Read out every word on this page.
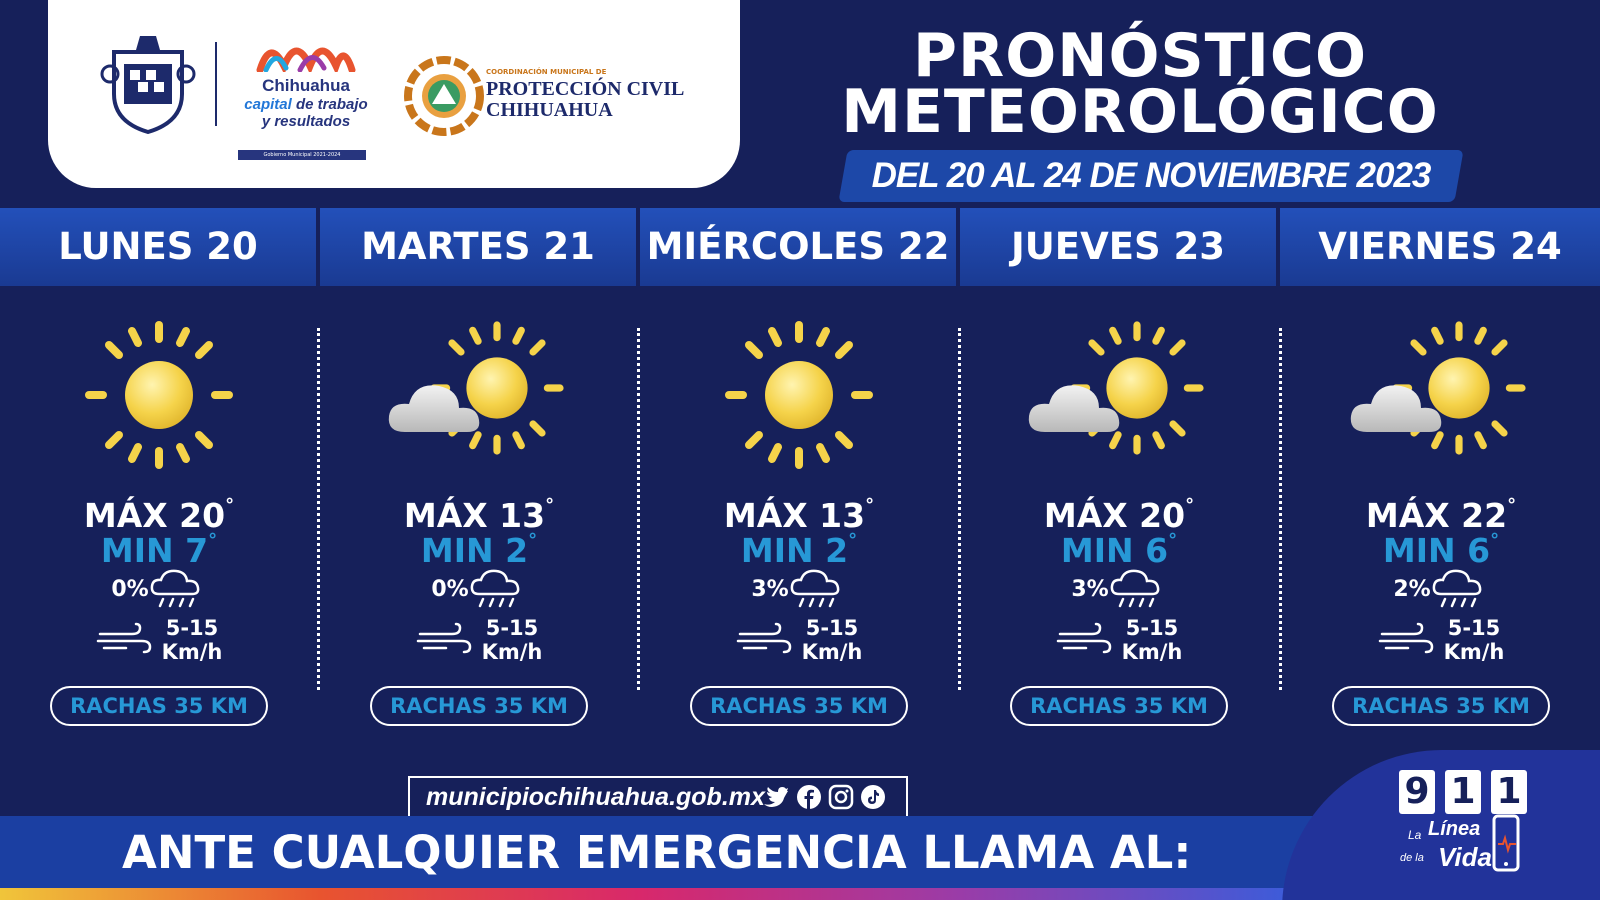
Chihuahua
capital de trabajo
y resultados
Gobierno Municipal 2021-2024
COORDINACIÓN MUNICIPAL DE
PROTECCIÓN CIVIL
CHIHUAHUA
PRONÓSTICO
METEOROLÓGICO
DEL 20 AL 24 DE NOVIEMBRE 2023
LUNES 20	MARTES 21	MIÉRCOLES 22	JUEVES 23	VIERNES 24
MÁX 20°
MIN 7°
0%
5-15
Km/h
RACHAS 35 KM
MÁX 13°
MIN 2°
0%
5-15
Km/h
RACHAS 35 KM
MÁX 13°
MIN 2°
3%
5-15
Km/h
RACHAS 35 KM
MÁX 20°
MIN 6°
3%
5-15
Km/h
RACHAS 35 KM
MÁX 22°
MIN 6°
2%
5-15
Km/h
RACHAS 35 KM
municipiochihuahua.gob.mx
ANTE CUALQUIER EMERGENCIA LLAMA AL:
9 1 1
La Línea
de la Vida
